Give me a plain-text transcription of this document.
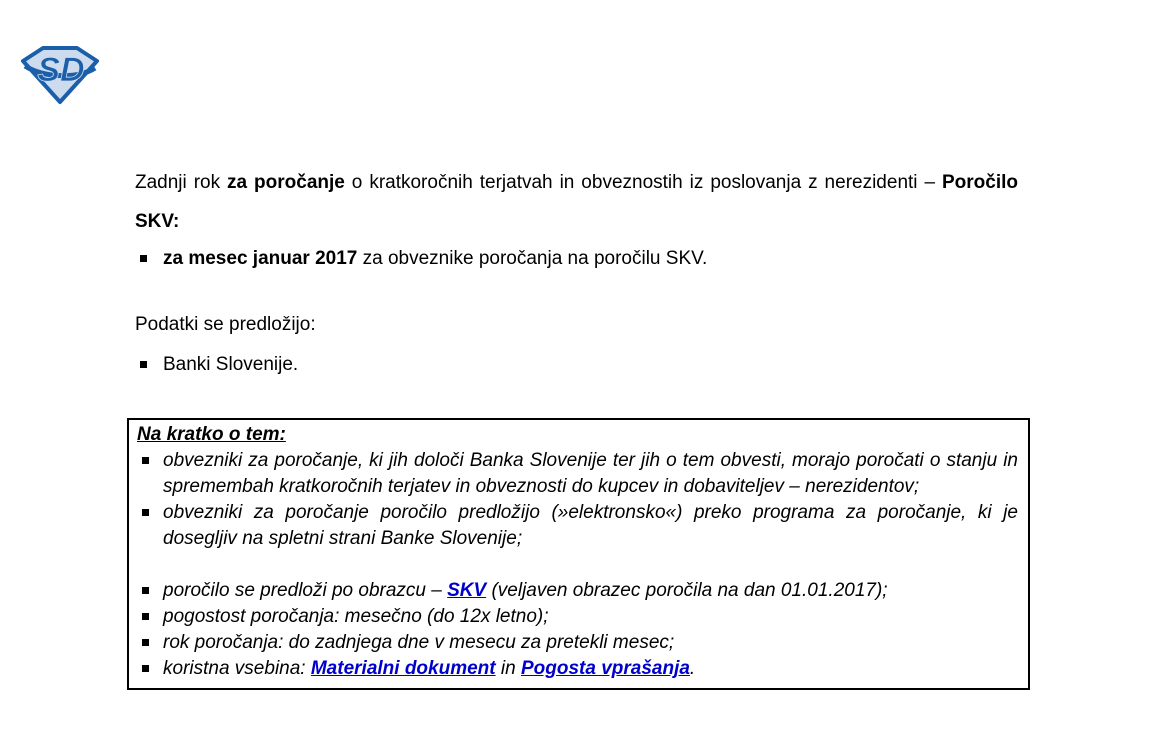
SD

Zadnji rok za poročanje o kratkoročnih terjatvah in obveznostih iz poslovanja z nerezidenti – Poročilo SKV:

za mesec januar 2017 za obveznike poročanja na poročilu SKV.

Podatki se predložijo:

Banki Slovenije.
Na kratko o tem:
obvezniki za poročanje, ki jih določi Banka Slovenije ter jih o tem obvesti, morajo poročati o stanju in spremembah kratkoročnih terjatev in obveznosti do kupcev in dobaviteljev – nerezidentov;
obvezniki za poročanje poročilo predložijo (»elektronsko«) preko programa za poročanje, ki je dosegljiv na spletni strani Banke Slovenije;
poročilo se predloži po obrazcu – SKV (veljaven obrazec poročila na dan 01.01.2017);
pogostost poročanja: mesečno (do 12x letno);
rok poročanja: do zadnjega dne v mesecu za pretekli mesec;
koristna vsebina: Materialni dokument in Pogosta vprašanja.
